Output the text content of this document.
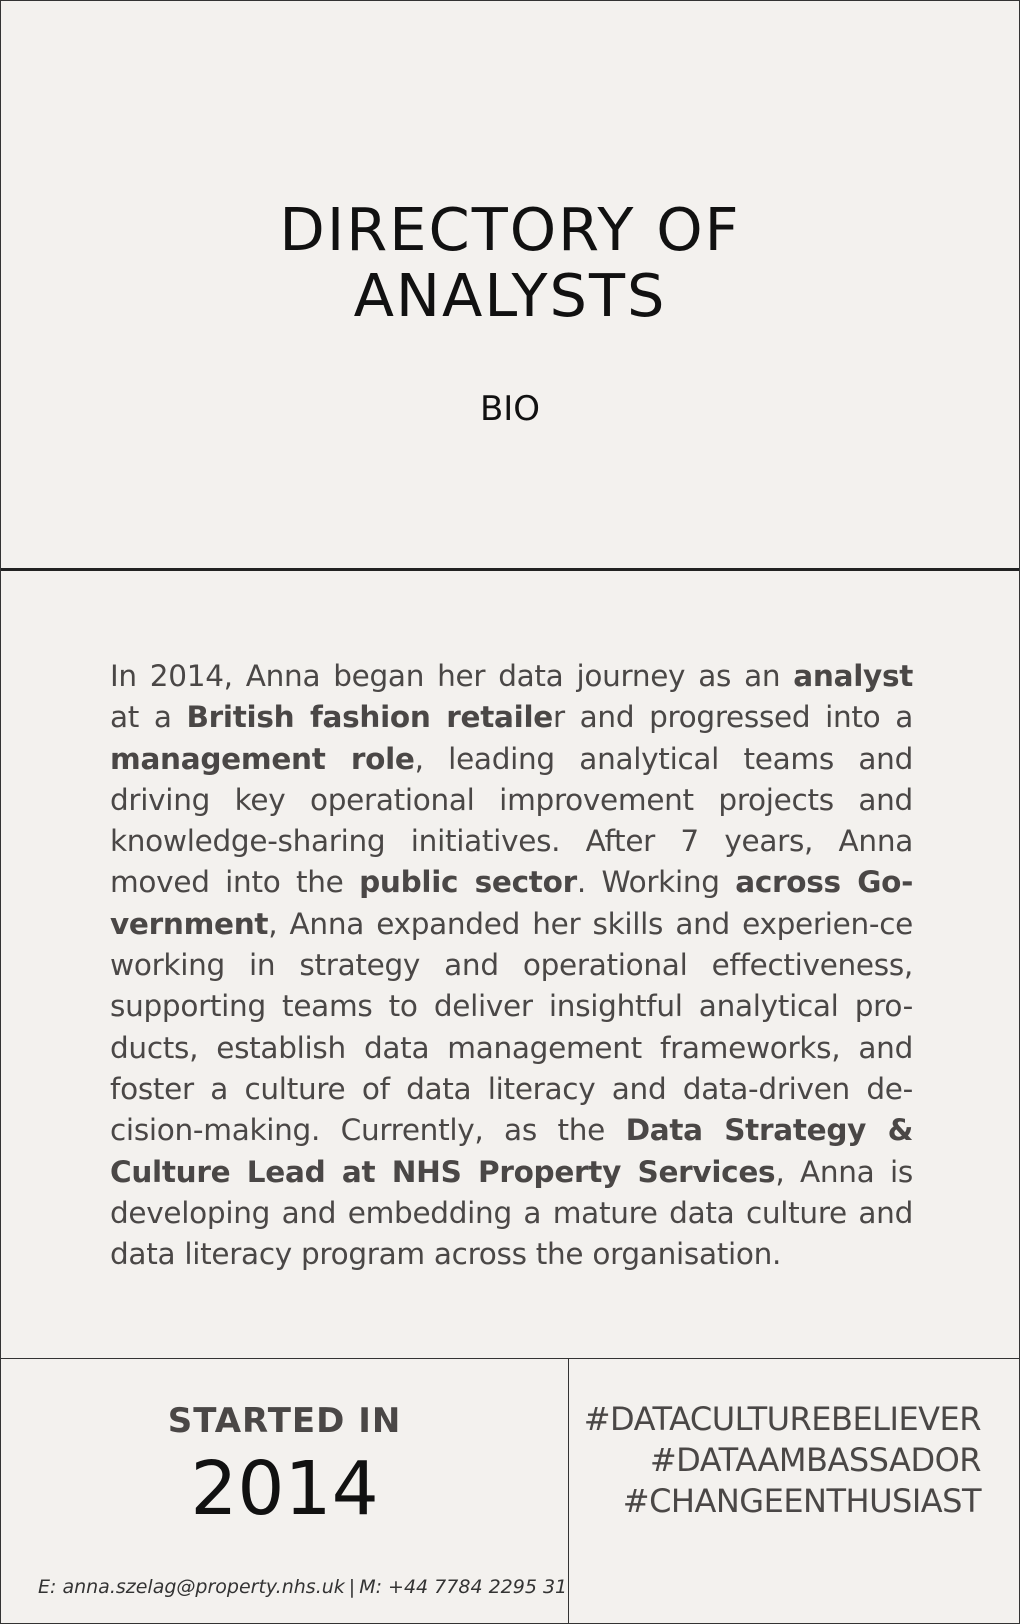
DIRECTORY OF
ANALYSTS
BIO
In 2014, Anna began her data journey as an analyst at a British fashion retailer and progressed into a management role, leading analytical teams and driving key operational improvement projects and knowledge-sharing initiatives. After 7 years, Anna moved into the public sector. Working across Go-vernment, Anna expanded her skills and experien-ce working in strategy and operational effectiveness, supporting teams to deliver insightful analytical pro-ducts, establish data management frameworks, and foster a culture of data literacy and data-driven de-cision-making. Currently, as the Data Strategy & Culture Lead at NHS Property Services, Anna is developing and embedding a mature data culture and data literacy program across the organisation.
STARTED IN
2014
E: anna.szelag@property.nhs.uk | M: +44 7784 2295 31
#DATACULTUREBELIEVER
#DATAAMBASSADOR
#CHANGEENTHUSIAST
